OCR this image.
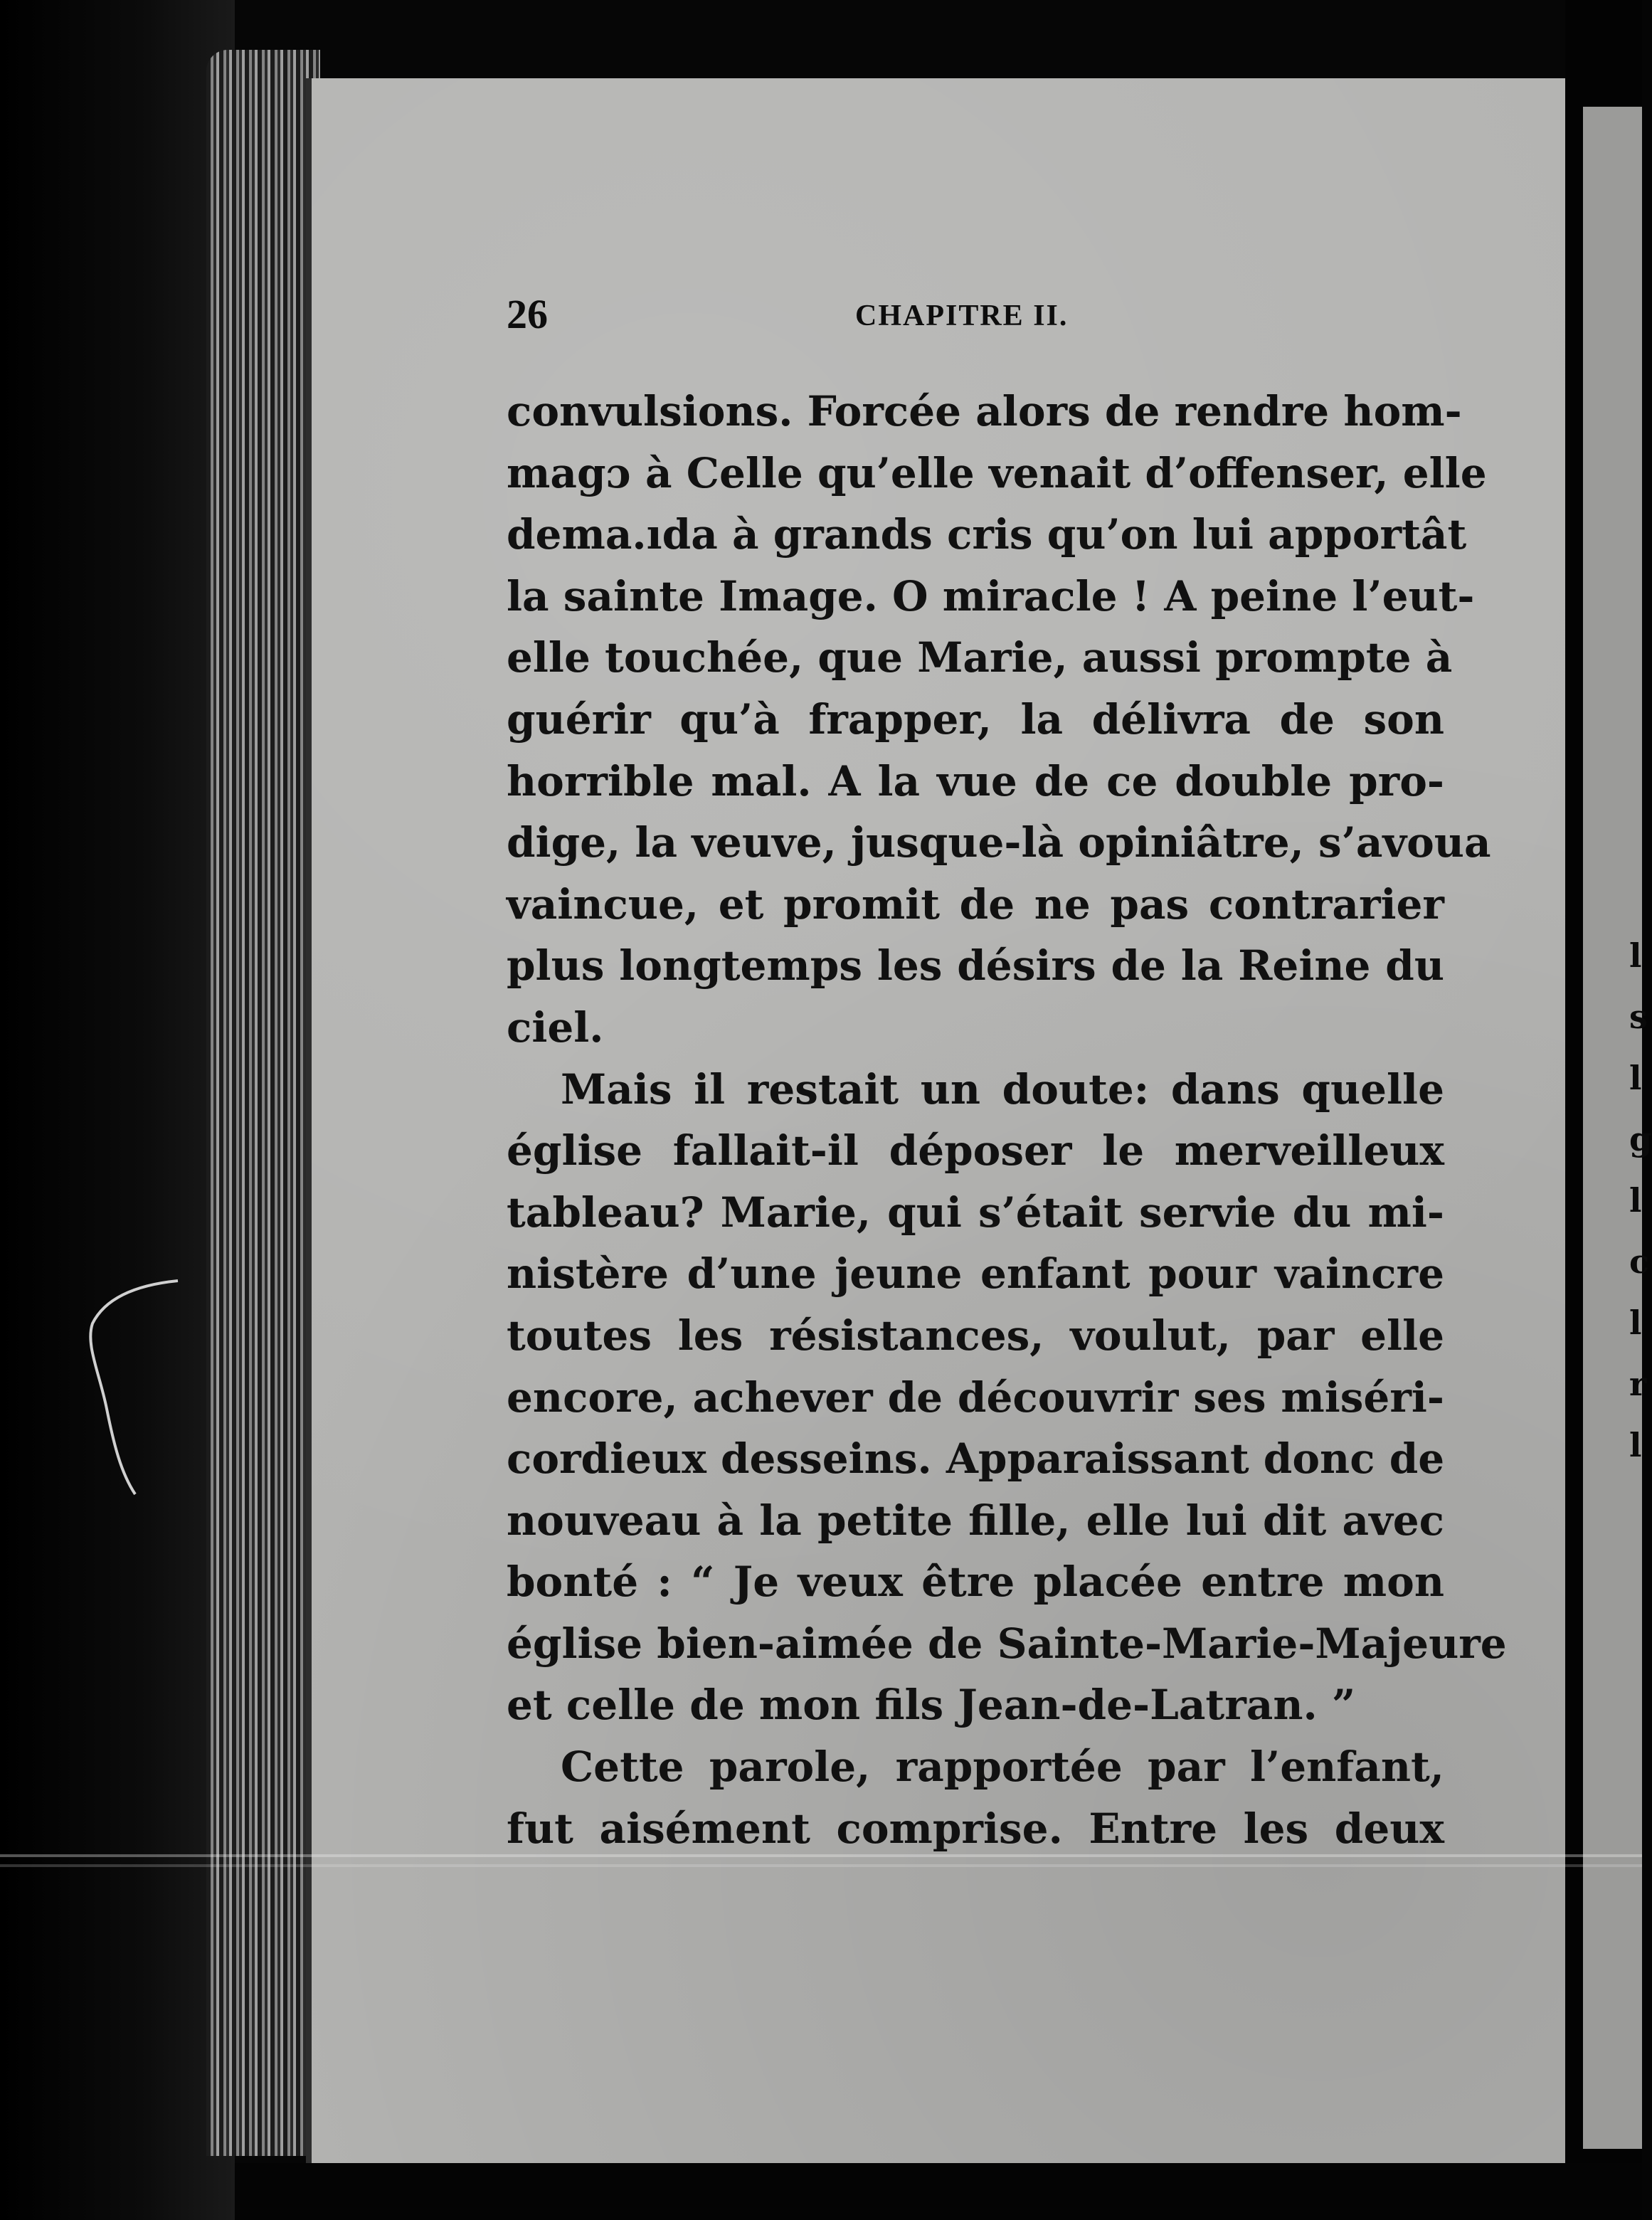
l s l g l c l r l
26	CHAPITRE II.
convulsions. Forcée alors de rendre hom-
magɔ à Celle qu’elle venait d’offenser, elle
dema.ıda à grands cris qu’on lui apportât
la sainte Image. O miracle ! A peine l’eut-
elle touchée, que Marie, aussi prompte à
guérir qu’à frapper, la délivra de son
horrible mal. A la vue de ce double pro-
dige, la veuve, jusque-là opiniâtre, s’avoua
vaincue, et promit de ne pas contrarier
plus longtemps les désirs de la Reine du
ciel.
Mais il restait un doute: dans quelle
église fallait-il déposer le merveilleux
tableau? Marie, qui s’était servie du mi-
nistère d’une jeune enfant pour vaincre
toutes les résistances, voulut, par elle
encore, achever de découvrir ses miséri-
cordieux desseins. Apparaissant donc de
nouveau à la petite fille, elle lui dit avec
bonté : “ Je veux être placée entre mon
église bien-aimée de Sainte-Marie-Majeure
et celle de mon fils Jean-de-Latran. ”
Cette parole, rapportée par l’enfant,
fut aisément comprise. Entre les deux
